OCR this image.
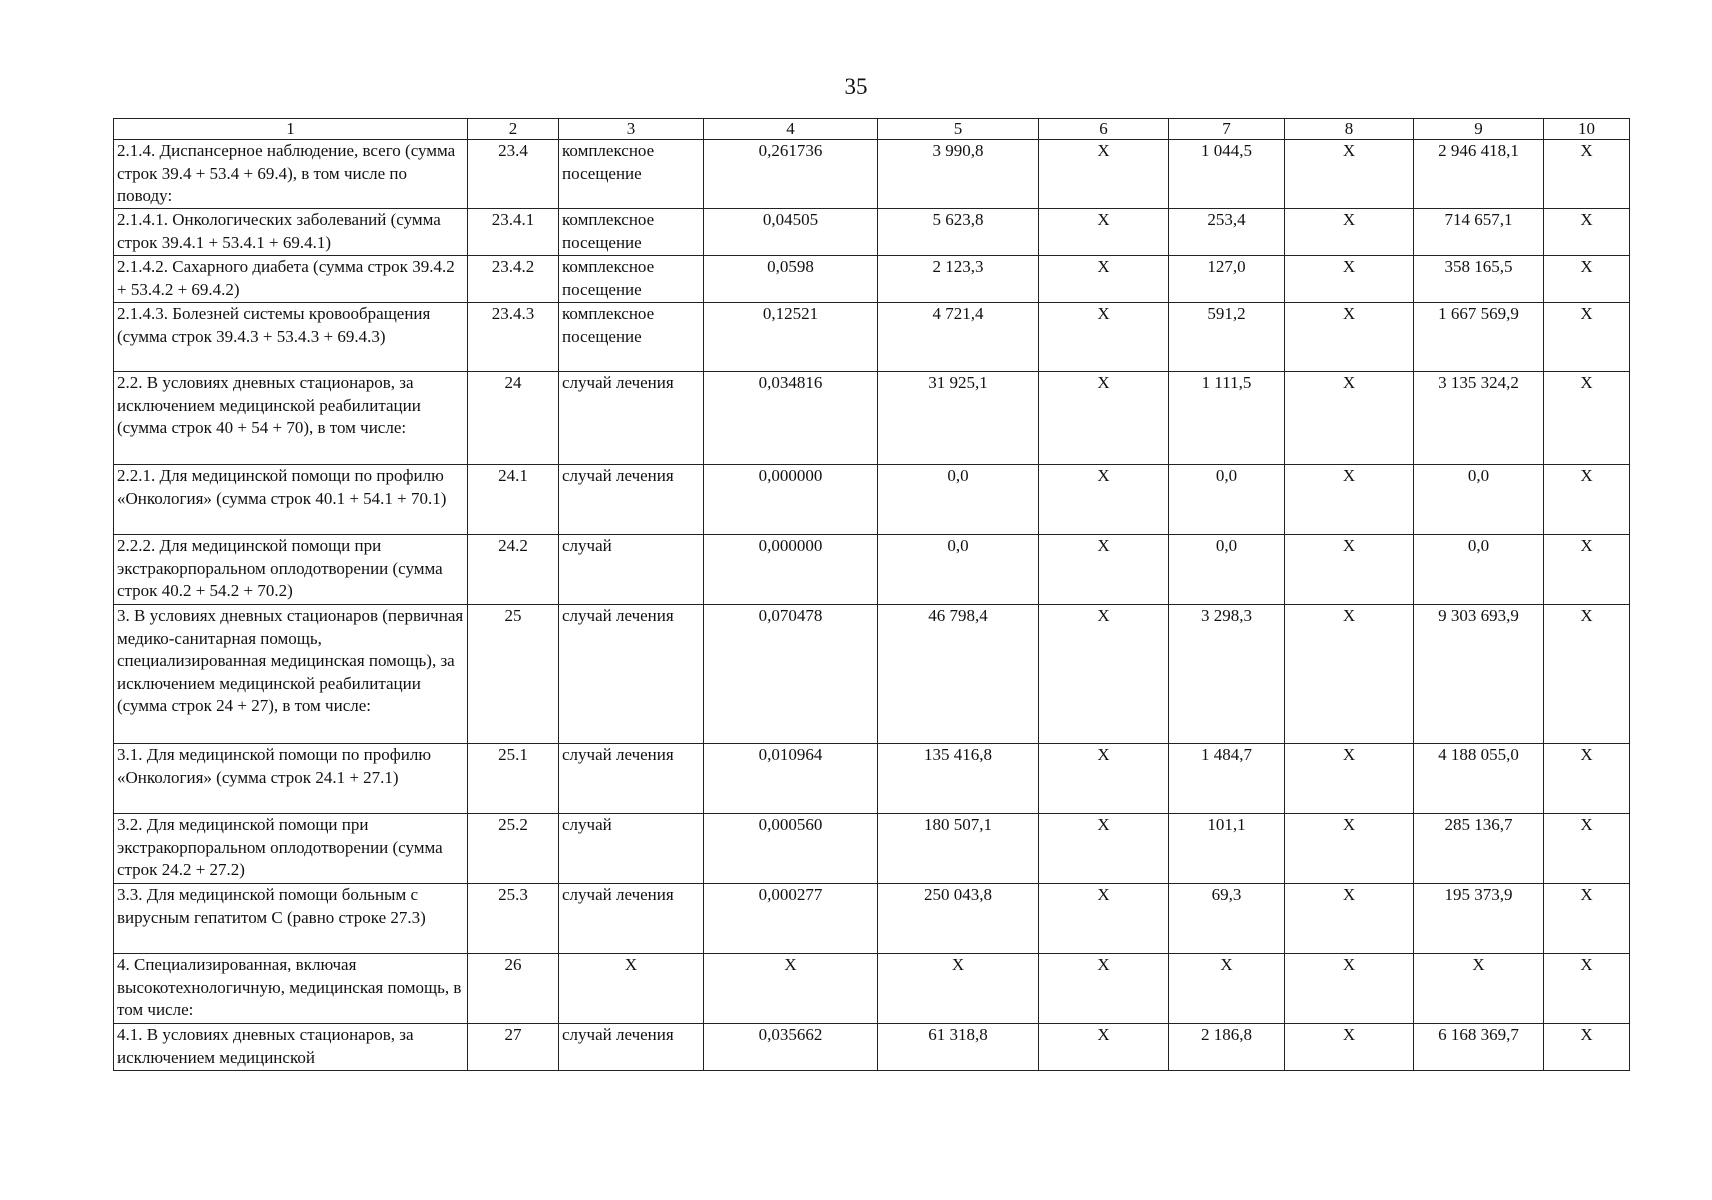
35
1	2	3	4	5	6	7	8	9	10
2.1.4. Диспансерное наблюдение, всего (сумма строк 39.4 + 53.4 + 69.4), в том числе по поводу:	23.4	комплексное посещение	0,261736	3 990,8	X	1 044,5	X	2 946 418,1	X
2.1.4.1. Онкологических заболеваний (сумма строк 39.4.1 + 53.4.1 + 69.4.1)	23.4.1	комплексное посещение	0,04505	5 623,8	X	253,4	X	714 657,1	X
2.1.4.2. Сахарного диабета (сумма строк 39.4.2 + 53.4.2 + 69.4.2)	23.4.2	комплексное посещение	0,0598	2 123,3	X	127,0	X	358 165,5	X
2.1.4.3. Болезней системы кровообращения (сумма строк 39.4.3 + 53.4.3 + 69.4.3)	23.4.3	комплексное посещение	0,12521	4 721,4	X	591,2	X	1 667 569,9	X
2.2. В условиях дневных стационаров, за исключением медицинской реабилитации (сумма строк 40 + 54 + 70), в том числе:	24	случай лечения	0,034816	31 925,1	X	1 111,5	X	3 135 324,2	X
2.2.1. Для медицинской помощи по профилю «Онкология» (сумма строк 40.1 + 54.1 + 70.1)	24.1	случай лечения	0,000000	0,0	X	0,0	X	0,0	X
2.2.2. Для медицинской помощи при экстракорпоральном оплодотворении (сумма строк 40.2 + 54.2 + 70.2)	24.2	случай	0,000000	0,0	X	0,0	X	0,0	X
3. В условиях дневных стационаров (первичная медико-санитарная помощь, специализированная медицинская помощь), за исключением медицинской реабилитации (сумма строк 24 + 27), в том числе:	25	случай лечения	0,070478	46 798,4	X	3 298,3	X	9 303 693,9	X
3.1. Для медицинской помощи по профилю «Онкология» (сумма строк 24.1 + 27.1)	25.1	случай лечения	0,010964	135 416,8	X	1 484,7	X	4 188 055,0	X
3.2. Для медицинской помощи при экстракорпоральном оплодотворении (сумма строк 24.2 + 27.2)	25.2	случай	0,000560	180 507,1	X	101,1	X	285 136,7	X
3.3. Для медицинской помощи больным с вирусным гепатитом С (равно строке 27.3)	25.3	случай лечения	0,000277	250 043,8	X	69,3	X	195 373,9	X
4. Специализированная, включая высокотехнологичную, медицинская помощь, в том числе:	26	X	X	X	X	X	X	X	X
4.1. В условиях дневных стационаров, за исключением медицинской	27	случай лечения	0,035662	61 318,8	X	2 186,8	X	6 168 369,7	X
